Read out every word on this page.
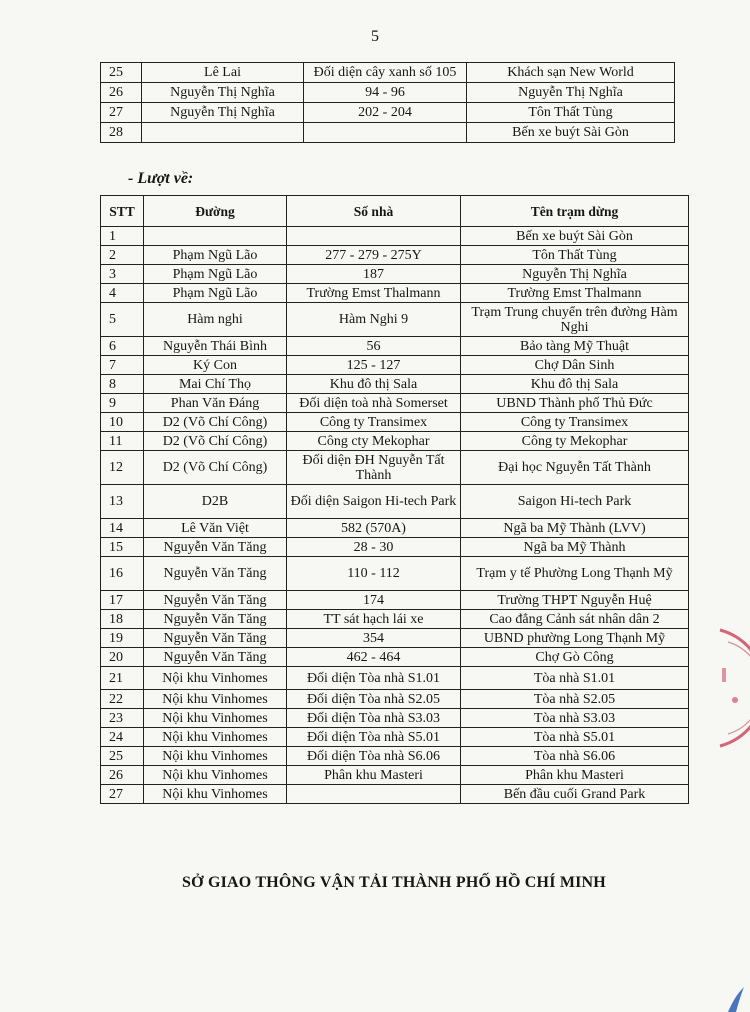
5
25	Lê Lai	Đối diện cây xanh số 105	Khách sạn New World
26	Nguyễn Thị Nghĩa	94 - 96	Nguyễn Thị Nghĩa
27	Nguyễn Thị Nghĩa	202 - 204	Tôn Thất Tùng
28			Bến xe buýt Sài Gòn
- Lượt về:
STT	Đường	Số nhà	Tên trạm dừng
1			Bến xe buýt Sài Gòn
2	Phạm Ngũ Lão	277 - 279 - 275Y	Tôn Thất Tùng
3	Phạm Ngũ Lão	187	Nguyễn Thị Nghĩa
4	Phạm Ngũ Lão	Trường Emst Thalmann	Trường Emst Thalmann
5	Hàm nghi	Hàm Nghi 9	Trạm Trung chuyển trên đường Hàm Nghi
6	Nguyễn Thái Bình	56	Bảo tàng Mỹ Thuật
7	Ký Con	125 - 127	Chợ Dân Sinh
8	Mai Chí Thọ	Khu đô thị Sala	Khu đô thị Sala
9	Phan Văn Đáng	Đối diện toà nhà Somerset	UBND Thành phố Thủ Đức
10	D2 (Võ Chí Công)	Công ty Transimex	Công ty Transimex
11	D2 (Võ Chí Công)	Công cty Mekophar	Công ty Mekophar
12	D2 (Võ Chí Công)	Đối diện ĐH Nguyễn Tất Thành	Đại học Nguyễn Tất Thành
13	D2B	Đối diện Saigon Hi-tech Park	Saigon Hi-tech Park
14	Lê Văn Việt	582 (570A)	Ngã ba Mỹ Thành (LVV)
15	Nguyễn Văn Tăng	28 - 30	Ngã ba Mỹ Thành
16	Nguyễn Văn Tăng	110 - 112	Trạm y tế Phường Long Thạnh Mỹ
17	Nguyễn Văn Tăng	174	Trường THPT Nguyễn Huệ
18	Nguyễn Văn Tăng	TT sát hạch lái xe	Cao đẳng Cảnh sát nhân dân 2
19	Nguyễn Văn Tăng	354	UBND phường Long Thạnh Mỹ
20	Nguyễn Văn Tăng	462 - 464	Chợ Gò Công
21	Nội khu Vinhomes	Đối diện Tòa nhà S1.01	Tòa nhà S1.01
22	Nội khu Vinhomes	Đối diện Tòa nhà S2.05	Tòa nhà S2.05
23	Nội khu Vinhomes	Đối diện Tòa nhà S3.03	Tòa nhà S3.03
24	Nội khu Vinhomes	Đối diện Tòa nhà S5.01	Tòa nhà S5.01
25	Nội khu Vinhomes	Đối diện Tòa nhà S6.06	Tòa nhà S6.06
26	Nội khu Vinhomes	Phân khu Masteri	Phân khu Masteri
27	Nội khu Vinhomes		Bến đầu cuối Grand Park
SỞ GIAO THÔNG VẬN TẢI THÀNH PHỐ HỒ CHÍ MINH
